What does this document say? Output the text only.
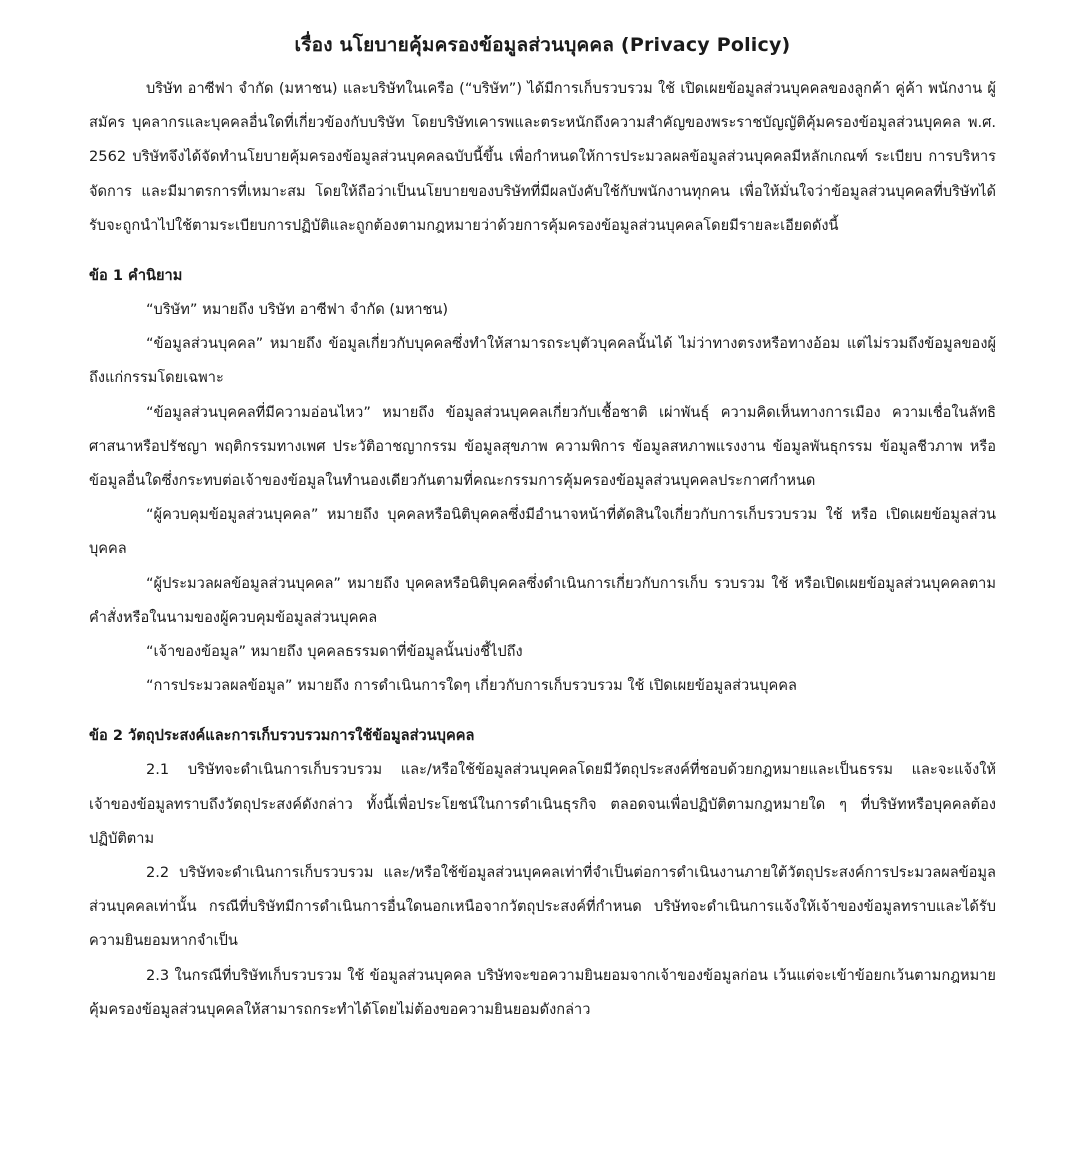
เรื่อง นโยบายคุ้มครองข้อมูลส่วนบุคคล (Privacy Policy)

บริษัท อาซีฟา จำกัด (มหาชน) และบริษัทในเครือ (“บริษัท”) ได้มีการเก็บรวบรวม ใช้ เปิดเผยข้อมูลส่วนบุคคลของลูกค้า คู่ค้า พนักงาน ผู้สมัคร บุคลากรและบุคคลอื่นใดที่เกี่ยวข้องกับบริษัท โดยบริษัทเคารพและตระหนักถึงความสำคัญของพระราชบัญญัติคุ้มครองข้อมูลส่วนบุคคล พ.ศ. 2562 บริษัทจึงได้จัดทำนโยบายคุ้มครองข้อมูลส่วนบุคคลฉบับนี้ขึ้น เพื่อกำหนดให้การประมวลผลข้อมูลส่วนบุคคลมีหลักเกณฑ์ ระเบียบ การบริหารจัดการ และมีมาตรการที่เหมาะสม โดยให้ถือว่าเป็นนโยบายของบริษัทที่มีผลบังคับใช้กับพนักงานทุกคน เพื่อให้มั่นใจว่าข้อมูลส่วนบุคคลที่บริษัทได้รับจะถูกนำไปใช้ตามระเบียบการปฏิบัติและถูกต้องตามกฎหมายว่าด้วยการคุ้มครองข้อมูลส่วนบุคคลโดยมีรายละเอียดดังนี้

ข้อ 1 คำนิยาม

“บริษัท” หมายถึง บริษัท อาซีฟา จำกัด (มหาชน)

“ข้อมูลส่วนบุคคล” หมายถึง ข้อมูลเกี่ยวกับบุคคลซึ่งทำให้สามารถระบุตัวบุคคลนั้นได้ ไม่ว่าทางตรงหรือทางอ้อม แต่ไม่รวมถึงข้อมูลของผู้ถึงแก่กรรมโดยเฉพาะ

“ข้อมูลส่วนบุคคลที่มีความอ่อนไหว” หมายถึง ข้อมูลส่วนบุคคลเกี่ยวกับเชื้อชาติ เผ่าพันธุ์ ความคิดเห็นทางการเมือง ความเชื่อในลัทธิ ศาสนาหรือปรัชญา พฤติกรรมทางเพศ ประวัติอาชญากรรม ข้อมูลสุขภาพ ความพิการ ข้อมูลสหภาพแรงงาน ข้อมูลพันธุกรรม ข้อมูลชีวภาพ หรือข้อมูลอื่นใดซึ่งกระทบต่อเจ้าของข้อมูลในทำนองเดียวกันตามที่คณะกรรมการคุ้มครองข้อมูลส่วนบุคคลประกาศกำหนด

“ผู้ควบคุมข้อมูลส่วนบุคคล” หมายถึง บุคคลหรือนิติบุคคลซึ่งมีอำนาจหน้าที่ตัดสินใจเกี่ยวกับการเก็บรวบรวม ใช้ หรือ เปิดเผยข้อมูลส่วนบุคคล

“ผู้ประมวลผลข้อมูลส่วนบุคคล” หมายถึง บุคคลหรือนิติบุคคลซึ่งดำเนินการเกี่ยวกับการเก็บ รวบรวม ใช้ หรือเปิดเผยข้อมูลส่วนบุคคลตามคำสั่งหรือในนามของผู้ควบคุมข้อมูลส่วนบุคคล

“เจ้าของข้อมูล” หมายถึง บุคคลธรรมดาที่ข้อมูลนั้นบ่งชี้ไปถึง

“การประมวลผลข้อมูล” หมายถึง การดำเนินการใดๆ เกี่ยวกับการเก็บรวบรวม ใช้ เปิดเผยข้อมูลส่วนบุคคล

ข้อ 2 วัตถุประสงค์และการเก็บรวบรวมการใช้ข้อมูลส่วนบุคคล

2.1 บริษัทจะดำเนินการเก็บรวบรวม และ/หรือใช้ข้อมูลส่วนบุคคลโดยมีวัตถุประสงค์ที่ชอบด้วยกฎหมายและเป็นธรรม และจะแจ้งให้เจ้าของข้อมูลทราบถึงวัตถุประสงค์ดังกล่าว ทั้งนี้เพื่อประโยชน์ในการดำเนินธุรกิจ ตลอดจนเพื่อปฏิบัติตามกฎหมายใด ๆ ที่บริษัทหรือบุคคลต้องปฏิบัติตาม

2.2 บริษัทจะดำเนินการเก็บรวบรวม และ/หรือใช้ข้อมูลส่วนบุคคลเท่าที่จำเป็นต่อการดำเนินงานภายใต้วัตถุประสงค์การประมวลผลข้อมูลส่วนบุคคลเท่านั้น กรณีที่บริษัทมีการดำเนินการอื่นใดนอกเหนือจากวัตถุประสงค์ที่กำหนด บริษัทจะดำเนินการแจ้งให้เจ้าของข้อมูลทราบและได้รับความยินยอมหากจำเป็น

2.3 ในกรณีที่บริษัทเก็บรวบรวม ใช้ ข้อมูลส่วนบุคคล บริษัทจะขอความยินยอมจากเจ้าของข้อมูลก่อน เว้นแต่จะเข้าข้อยกเว้นตามกฎหมายคุ้มครองข้อมูลส่วนบุคคลให้สามารถกระทำได้โดยไม่ต้องขอความยินยอมดังกล่าว
